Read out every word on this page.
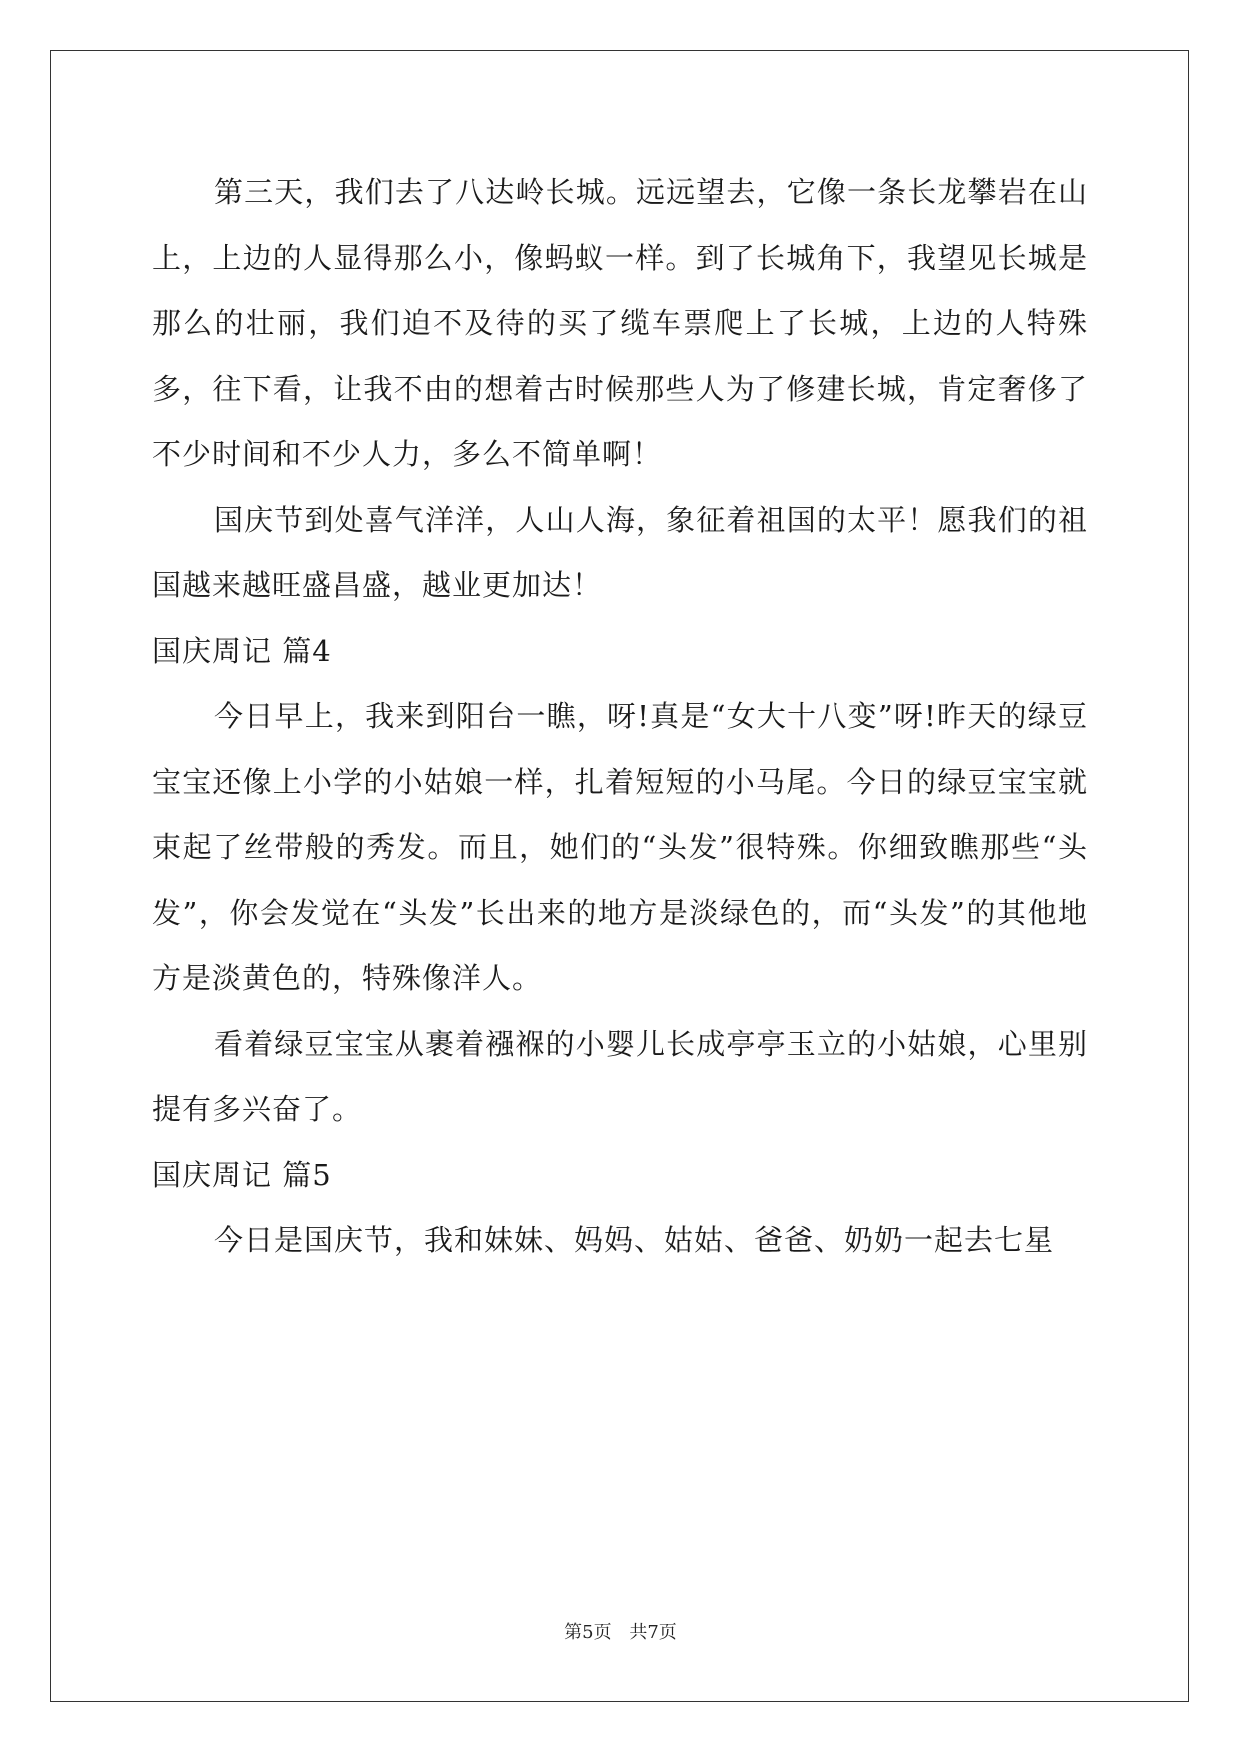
第三天，我们去了八达岭长城。远远望去，它像一条长龙攀岩在山上，上边的人显得那么小，像蚂蚁一样。到了长城角下，我望见长城是那么的壮丽，我们迫不及待的买了缆车票爬上了长城，上边的人特殊多，往下看，让我不由的想着古时候那些人为了修建长城，肯定奢侈了不少时间和不少人力，多么不简单啊！

国庆节到处喜气洋洋，人山人海，象征着祖国的太平！愿我们的祖国越来越旺盛昌盛，越业更加达！

国庆周记 篇4

今日早上，我来到阳台一瞧，呀!真是“女大十八变”呀!昨天的绿豆宝宝还像上小学的小姑娘一样，扎着短短的小马尾。今日的绿豆宝宝就束起了丝带般的秀发。而且，她们的“头发”很特殊。你细致瞧那些“头发”，你会发觉在“头发”长出来的地方是淡绿色的，而“头发”的其他地方是淡黄色的，特殊像洋人。

看着绿豆宝宝从裹着襁褓的小婴儿长成亭亭玉立的小姑娘，心里别提有多兴奋了。

国庆周记 篇5

今日是国庆节，我和妹妹、妈妈、姑姑、爸爸、奶奶一起去七星

第5页 共7页
